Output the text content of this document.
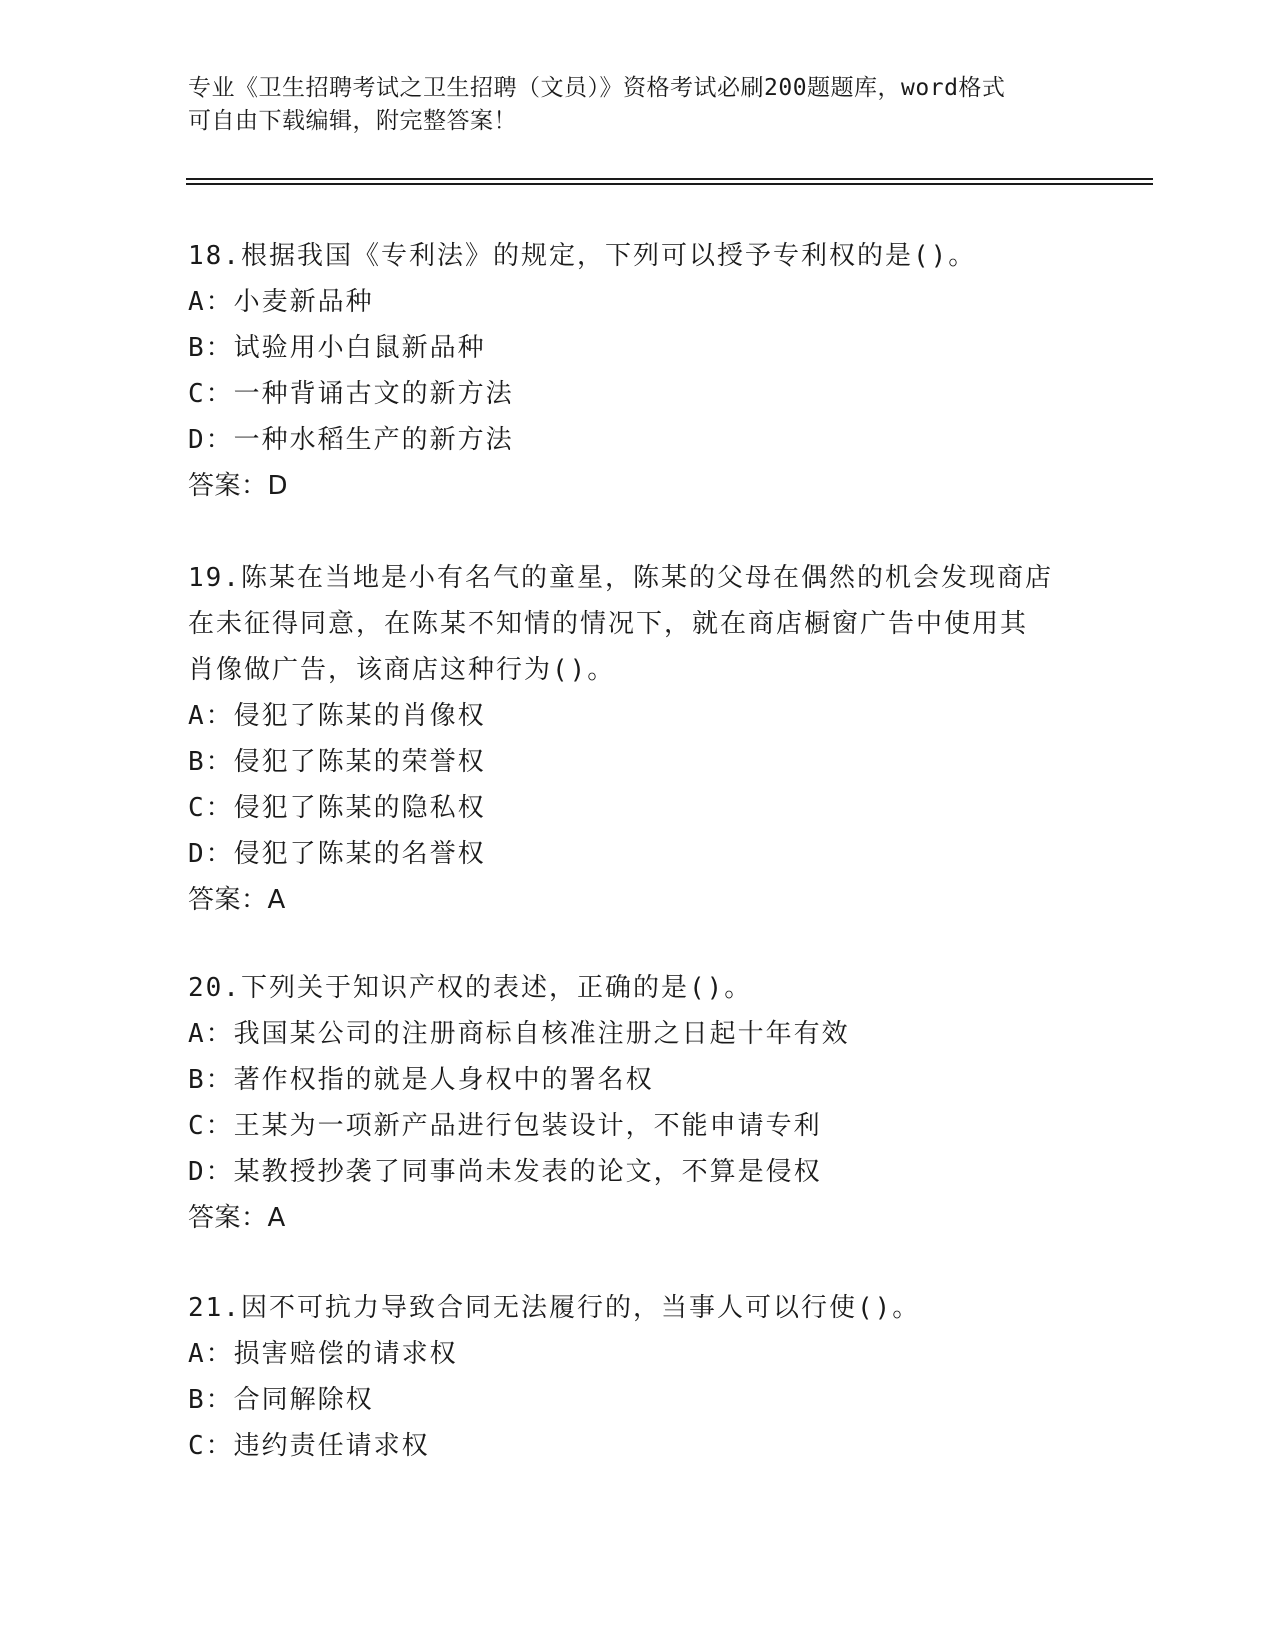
专业《卫生招聘考试之卫生招聘（文员）》资格考试必刷200题题库，word格式
可自由下载编辑，附完整答案！
18.根据我国《专利法》的规定，下列可以授予专利权的是()。
A：小麦新品种
B：试验用小白鼠新品种
C：一种背诵古文的新方法
D：一种水稻生产的新方法
答案：D
19.陈某在当地是小有名气的童星，陈某的父母在偶然的机会发现商店
在未征得同意，在陈某不知情的情况下，就在商店橱窗广告中使用其
肖像做广告，该商店这种行为()。
A：侵犯了陈某的肖像权
B：侵犯了陈某的荣誉权
C：侵犯了陈某的隐私权
D：侵犯了陈某的名誉权
答案：A
20.下列关于知识产权的表述，正确的是()。
A：我国某公司的注册商标自核准注册之日起十年有效
B：著作权指的就是人身权中的署名权
C：王某为一项新产品进行包装设计，不能申请专利
D：某教授抄袭了同事尚未发表的论文，不算是侵权
答案：A
21.因不可抗力导致合同无法履行的，当事人可以行使()。
A：损害赔偿的请求权
B：合同解除权
C：违约责任请求权
